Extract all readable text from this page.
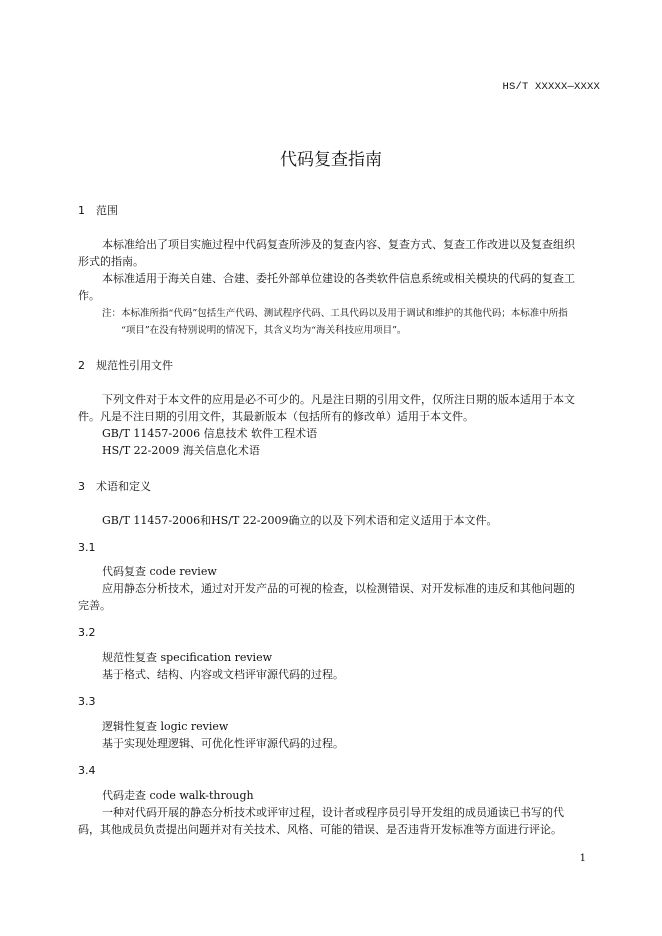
HS/T XXXXX—XXXX
代码复查指南
1 范围
本标准给出了项目实施过程中代码复查所涉及的复查内容、复查方式、复查工作改进以及复查组织
形式的指南。
本标准适用于海关自建、合建、委托外部单位建设的各类软件信息系统或相关模块的代码的复查工
作。
注：本标准所指“代码”包括生产代码、测试程序代码、工具代码以及用于调试和维护的其他代码；本标准中所指
“项目”在没有特别说明的情况下，其含义均为“海关科技应用项目”。
2 规范性引用文件
下列文件对于本文件的应用是必不可少的。凡是注日期的引用文件，仅所注日期的版本适用于本文
件。凡是不注日期的引用文件，其最新版本（包括所有的修改单）适用于本文件。
GB/T 11457-2006 信息技术 软件工程术语
HS/T 22-2009 海关信息化术语
3 术语和定义
GB/T 11457-2006和HS/T 22-2009确立的以及下列术语和定义适用于本文件。
3.1
代码复查 code review
应用静态分析技术，通过对开发产品的可视的检查，以检测错误、对开发标准的违反和其他问题的
完善。
3.2
规范性复查 specification review
基于格式、结构、内容或文档评审源代码的过程。
3.3
逻辑性复查 logic review
基于实现处理逻辑、可优化性评审源代码的过程。
3.4
代码走查 code walk-through
一种对代码开展的静态分析技术或评审过程，设计者或程序员引导开发组的成员通读已书写的代
码，其他成员负责提出问题并对有关技术、风格、可能的错误、是否违背开发标准等方面进行评论。
1
